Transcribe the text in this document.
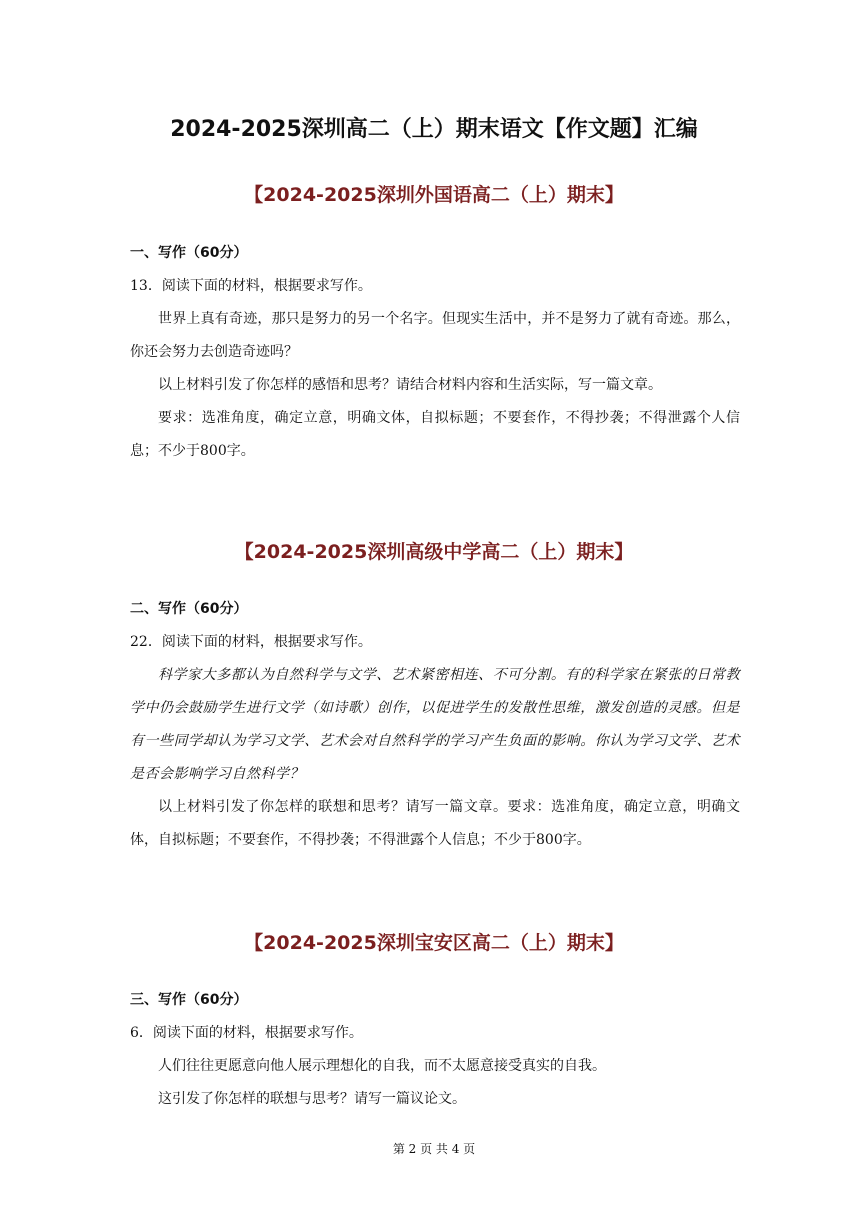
2024-2025深圳高二（上）期末语文【作文题】汇编
【2024-2025深圳外国语高二（上）期末】
一、写作（60分）
13．阅读下面的材料，根据要求写作。
世界上真有奇迹，那只是努力的另一个名字。但现实生活中，并不是努力了就有奇迹。那么，你还会努力去创造奇迹吗？
以上材料引发了你怎样的感悟和思考？请结合材料内容和生活实际，写一篇文章。
要求：选准角度，确定立意，明确文体，自拟标题；不要套作，不得抄袭；不得泄露个人信息；不少于800字。
【2024-2025深圳高级中学高二（上）期末】
二、写作（60分）
22．阅读下面的材料，根据要求写作。
科学家大多都认为自然科学与文学、艺术紧密相连、不可分割。有的科学家在紧张的日常教学中仍会鼓励学生进行文学（如诗歌）创作，以促进学生的发散性思维，激发创造的灵感。但是有一些同学却认为学习文学、艺术会对自然科学的学习产生负面的影响。你认为学习文学、艺术是否会影响学习自然科学？
以上材料引发了你怎样的联想和思考？请写一篇文章。要求：选准角度，确定立意，明确文体，自拟标题；不要套作，不得抄袭；不得泄露个人信息；不少于800字。
【2024-2025深圳宝安区高二（上）期末】
三、写作（60分）
6．阅读下面的材料，根据要求写作。
人们往往更愿意向他人展示理想化的自我，而不太愿意接受真实的自我。
这引发了你怎样的联想与思考？请写一篇议论文。
第 2 页 共 4 页
